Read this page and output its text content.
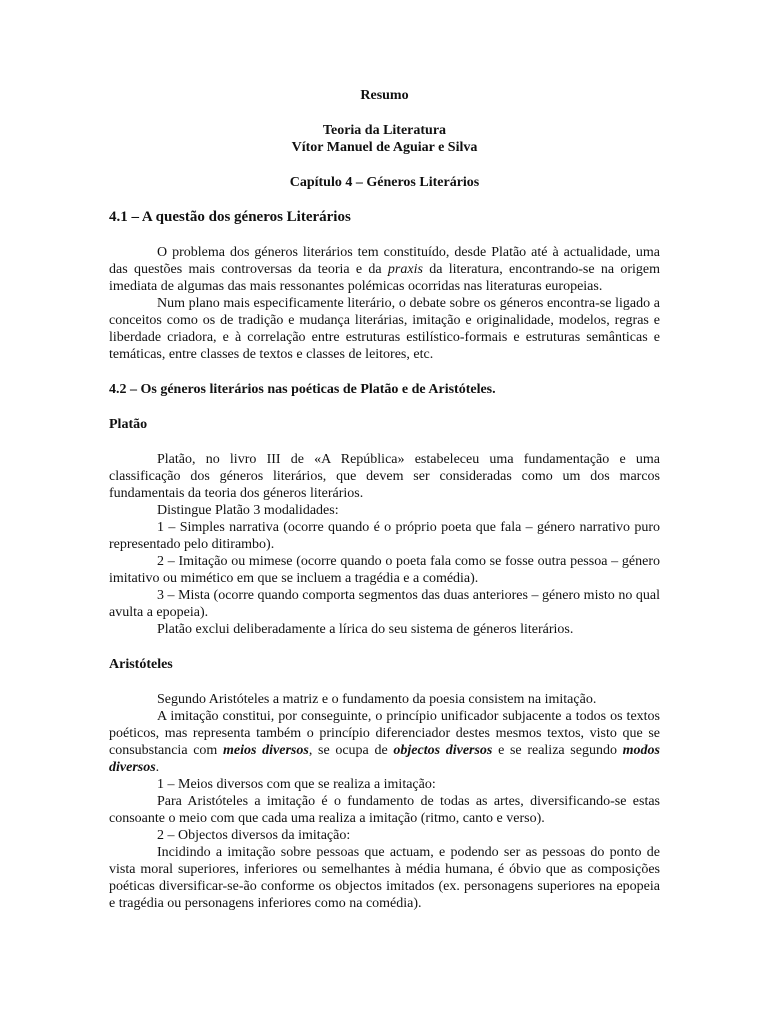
Resumo

Teoria da Literatura

Vítor Manuel de Aguiar e Silva

Capítulo 4 – Géneros Literários

4.1 – A questão dos géneros Literários

O problema dos géneros literários tem constituído, desde Platão até à actualidade, uma das questões mais controversas da teoria e da praxis da literatura, encontrando-se na origem imediata de algumas das mais ressonantes polémicas ocorridas nas literaturas europeias.

Num plano mais especificamente literário, o debate sobre os géneros encontra-se ligado a conceitos como os de tradição e mudança literárias, imitação e originalidade, modelos, regras e liberdade criadora, e à correlação entre estruturas estilístico-formais e estruturas semânticas e temáticas, entre classes de textos e classes de leitores, etc.

4.2 – Os géneros literários nas poéticas de Platão e de Aristóteles.

Platão

Platão, no livro III de «A República» estabeleceu uma fundamentação e uma classificação dos géneros literários, que devem ser consideradas como um dos marcos fundamentais da teoria dos géneros literários.

Distingue Platão 3 modalidades:

1 – Simples narrativa (ocorre quando é o próprio poeta que fala – género narrativo puro representado pelo ditirambo).

2 – Imitação ou mimese (ocorre quando o poeta fala como se fosse outra pessoa – género imitativo ou mimético em que se incluem a tragédia e a comédia).

3 – Mista (ocorre quando comporta segmentos das duas anteriores – género misto no qual avulta a epopeia).

Platão exclui deliberadamente a lírica do seu sistema de géneros literários.

Aristóteles

Segundo Aristóteles a matriz e o fundamento da poesia consistem na imitação.

A imitação constitui, por conseguinte, o princípio unificador subjacente a todos os textos poéticos, mas representa também o princípio diferenciador destes mesmos textos, visto que se consubstancia com meios diversos, se ocupa de objectos diversos e se realiza segundo modos diversos.

1 – Meios diversos com que se realiza a imitação:

Para Aristóteles a imitação é o fundamento de todas as artes, diversificando-se estas consoante o meio com que cada uma realiza a imitação (ritmo, canto e verso).

2 – Objectos diversos da imitação:

Incidindo a imitação sobre pessoas que actuam, e podendo ser as pessoas do ponto de vista moral superiores, inferiores ou semelhantes à média humana, é óbvio que as composições poéticas diversificar-se-ão conforme os objectos imitados (ex. personagens superiores na epopeia e tragédia ou personagens inferiores como na comédia).
